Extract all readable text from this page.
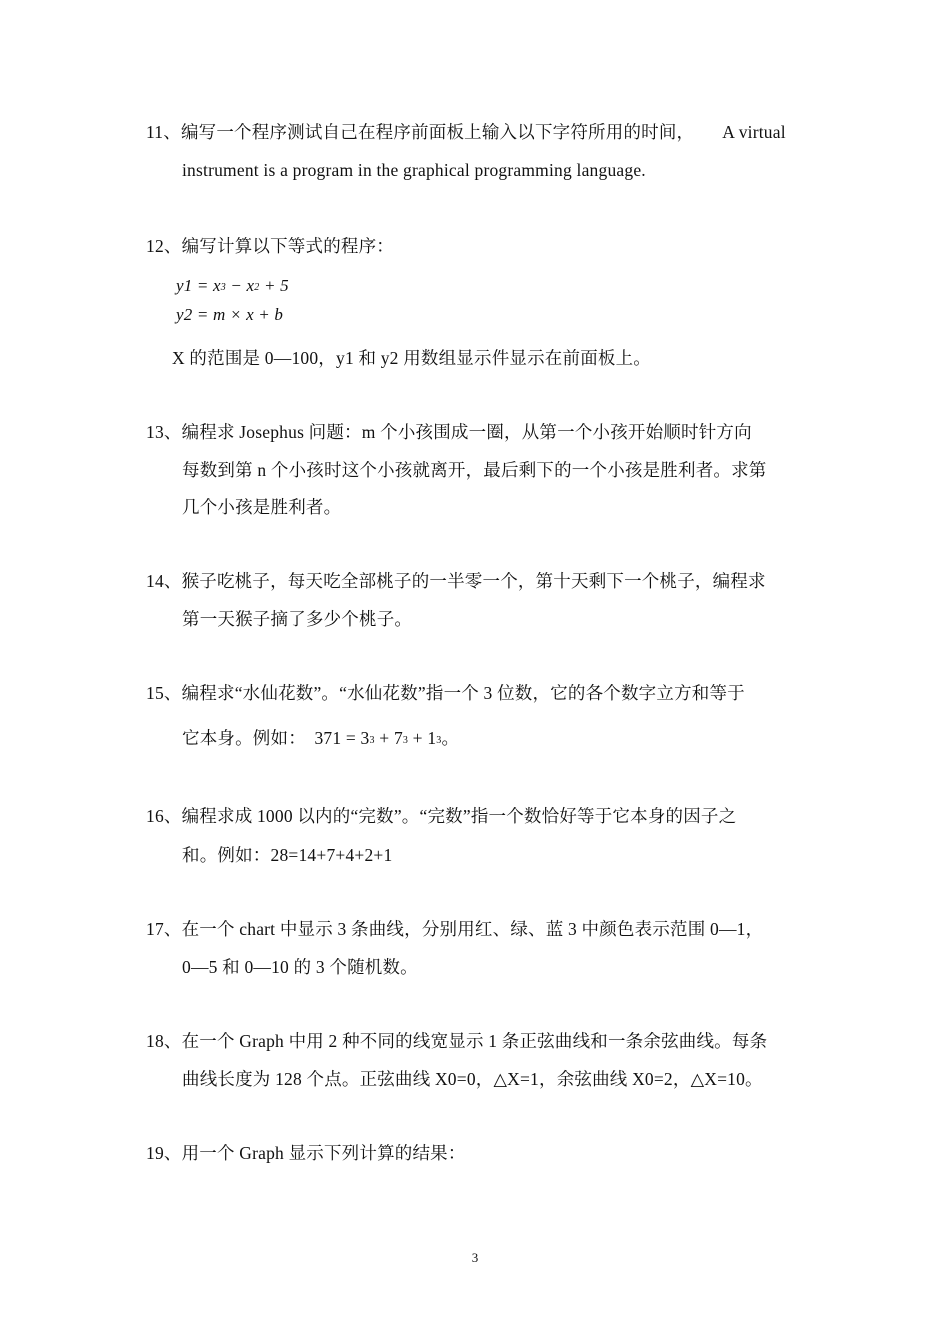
11、编写一个程序测试自己在程序前面板上输入以下字符所用的时间， A virtual
instrument is a program in the graphical programming language.
12、编写计算以下等式的程序：
y1 = x3 − x2 + 5
y2 = m × x + b
X 的范围是 0—100，y1 和 y2 用数组显示件显示在前面板上。
13、编程求 Josephus 问题：m 个小孩围成一圈，从第一个小孩开始顺时针方向
每数到第 n 个小孩时这个小孩就离开，最后剩下的一个小孩是胜利者。求第
几个小孩是胜利者。
14、猴子吃桃子，每天吃全部桃子的一半零一个，第十天剩下一个桃子，编程求
第一天猴子摘了多少个桃子。
15、编程求“水仙花数”。“水仙花数”指一个 3 位数，它的各个数字立方和等于
它本身。例如： 371 = 33 + 73 + 13。
16、编程求成 1000 以内的“完数”。“完数”指一个数恰好等于它本身的因子之
和。例如：28=14+7+4+2+1
17、在一个 chart 中显示 3 条曲线，分别用红、绿、蓝 3 中颜色表示范围 0—1，
0—5 和 0—10 的 3 个随机数。
18、在一个 Graph 中用 2 种不同的线宽显示 1 条正弦曲线和一条余弦曲线。每条
曲线长度为 128 个点。正弦曲线 X0=0，△X=1，余弦曲线 X0=2，△X=10。
19、用一个 Graph 显示下列计算的结果：
3
